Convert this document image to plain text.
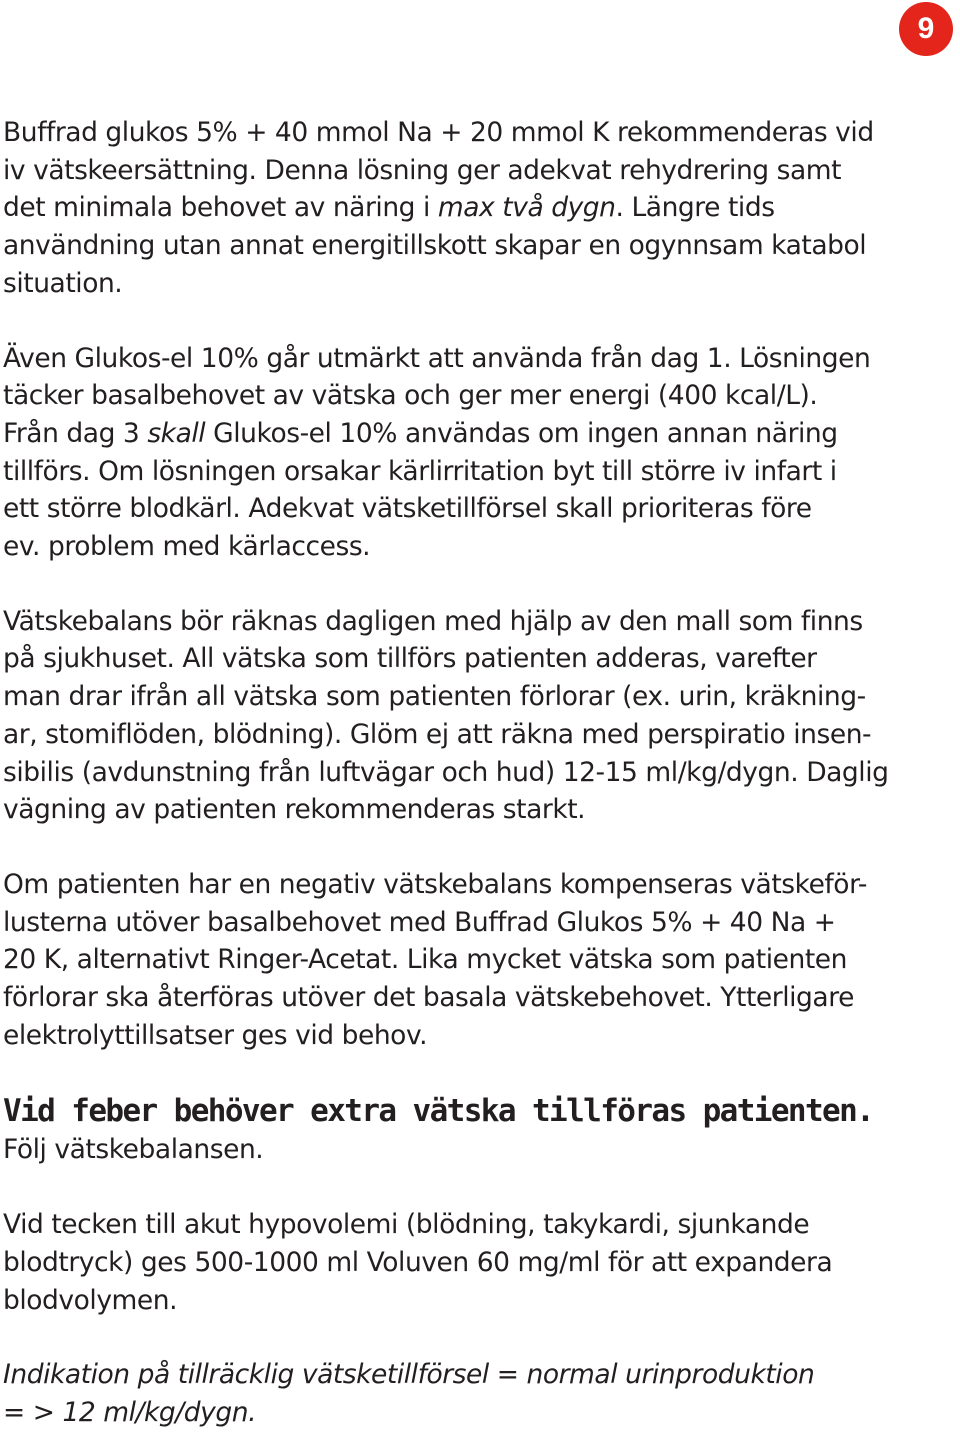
9

Buffrad glukos 5% + 40 mmol Na + 20 mmol K rekommenderas vid
iv vätskeersättning. Denna lösning ger adekvat rehydrering samt
det minimala behovet av näring i max två dygn. Längre tids
användning utan annat energitillskott skapar en ogynnsam katabol
situation.

Även Glukos-el 10% går utmärkt att använda från dag 1. Lösningen
täcker basalbehovet av vätska och ger mer energi (400 kcal/L).
Från dag 3 skall Glukos-el 10% användas om ingen annan näring
tillförs. Om lösningen orsakar kärlirritation byt till större iv infart i
ett större blodkärl. Adekvat vätsketillförsel skall prioriteras före
ev. problem med kärlaccess.

Vätskebalans bör räknas dagligen med hjälp av den mall som finns
på sjukhuset. All vätska som tillförs patienten adderas, varefter
man drar ifrån all vätska som patienten förlorar (ex. urin, kräkning-
ar, stomiflöden, blödning). Glöm ej att räkna med perspiratio insen-
sibilis (avdunstning från luftvägar och hud) 12-15 ml/kg/dygn. Daglig
vägning av patienten rekommenderas starkt.

Om patienten har en negativ vätskebalans kompenseras vätskeför-
lusterna utöver basalbehovet med Buffrad Glukos 5% + 40 Na +
20 K, alternativt Ringer-Acetat. Lika mycket vätska som patienten
förlorar ska återföras utöver det basala vätskebehovet. Ytterligare
elektrolyttillsatser ges vid behov.

Vid feber behöver extra vätska tillföras patienten.

Följ vätskebalansen.

Vid tecken till akut hypovolemi (blödning, takykardi, sjunkande
blodtryck) ges 500-1000 ml Voluven 60 mg/ml för att expandera
blodvolymen.

Indikation på tillräcklig vätsketillförsel = normal urinproduktion
= > 12 ml/kg/dygn.
